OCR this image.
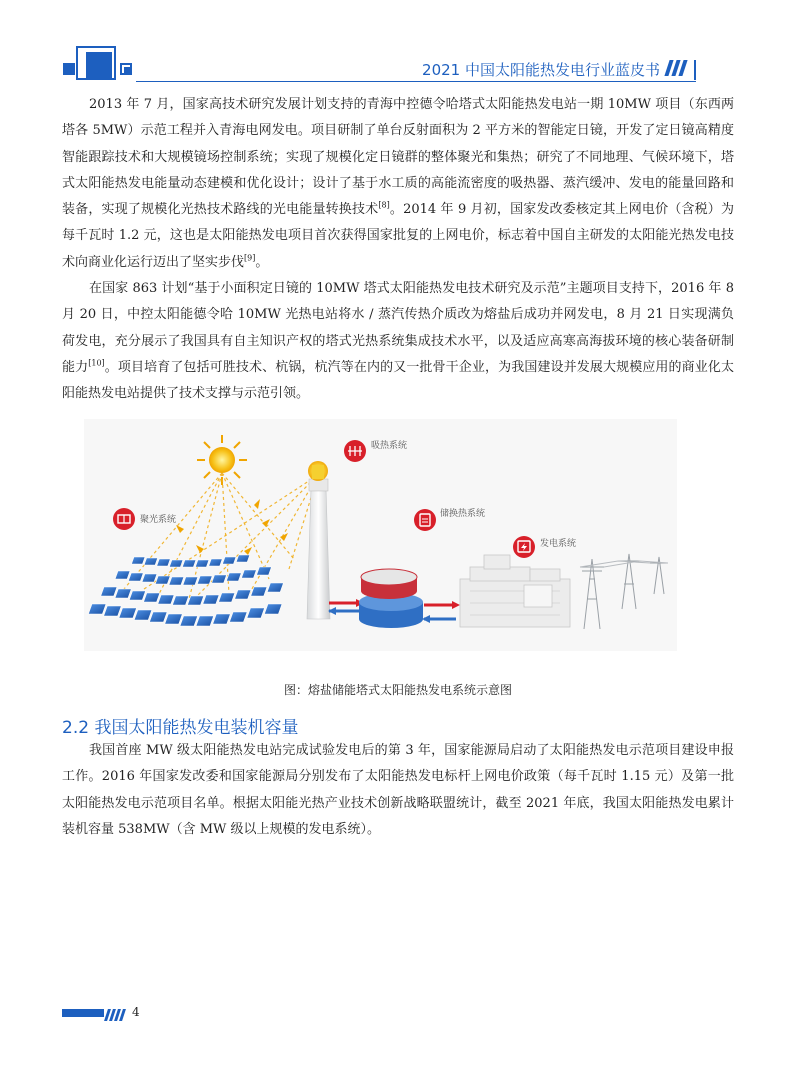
2021 中国太阳能热发电行业蓝皮书
2013 年 7 月，国家高技术研究发展计划支持的青海中控德令哈塔式太阳能热发电站一期 10MW 项目（东西两塔各 5MW）示范工程并入青海电网发电。项目研制了单台反射面积为 2 平方米的智能定日镜，开发了定日镜高精度智能跟踪技术和大规模镜场控制系统；实现了规模化定日镜群的整体聚光和集热；研究了不同地理、气候环境下，塔式太阳能热发电能量动态建模和优化设计；设计了基于水工质的高能流密度的吸热器、蒸汽缓冲、发电的能量回路和装备，实现了规模化光热技术路线的光电能量转换技术[8]。2014 年 9 月初，国家发改委核定其上网电价（含税）为每千瓦时 1.2 元，这也是太阳能热发电项目首次获得国家批复的上网电价，标志着中国自主研发的太阳能光热发电技术向商业化运行迈出了坚实步伐[9]。
在国家 863 计划“基于小面积定日镜的 10MW 塔式太阳能热发电技术研究及示范”主题项目支持下，2016 年 8 月 20 日，中控太阳能德令哈 10MW 光热电站将水 / 蒸汽传热介质改为熔盐后成功并网发电，8 月 21 日实现满负荷发电，充分展示了我国具有自主知识产权的塔式光热系统集成技术水平，以及适应高寒高海拔环境的核心装备研制能力[10]。项目培育了包括可胜技术、杭锅，杭汽等在内的又一批骨干企业，为我国建设并发展大规模应用的商业化太阳能热发电站提供了技术支撑与示范引领。
聚光系统
吸热系统
储换热系统
发电系统
图：熔盐储能塔式太阳能热发电系统示意图
2.2 我国太阳能热发电装机容量
我国首座 MW 级太阳能热发电站完成试验发电后的第 3 年，国家能源局启动了太阳能热发电示范项目建设申报工作。2016 年国家发改委和国家能源局分别发布了太阳能热发电标杆上网电价政策（每千瓦时 1.15 元）及第一批太阳能热发电示范项目名单。根据太阳能光热产业技术创新战略联盟统计，截至 2021 年底，我国太阳能热发电累计装机容量 538MW（含 MW 级以上规模的发电系统）。
4
